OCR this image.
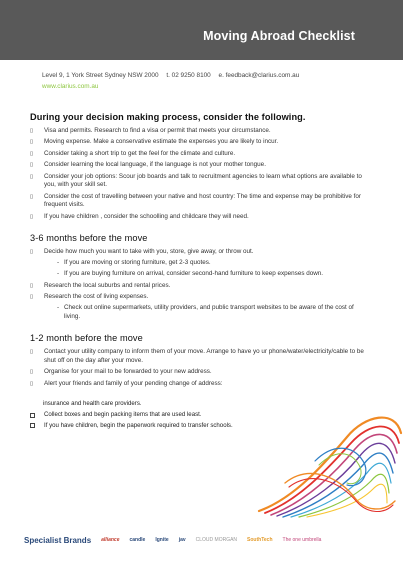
Moving Abroad Checklist
Level 9, 1 York Street Sydney NSW 2000 t. 02 9250 8100 e. feedback@clarius.com.au
www.clarius.com.au
During your decision making process, consider the following.
▯ Visa and permits. Research to find a visa or permit that meets your circumstance.
▯ Moving expense. Make a conservative estimate the expenses you are likely to incur.
▯ Consider taking a short trip to get the feel for the climate and culture.
▯ Consider learning the local language, if the language is not your mother tongue.
▯ Consider your job options: Scour job boards and talk to recruitment agencies to learn what options are available to you, with your skill set.
▯ Consider the cost of travelling between your native and host country: The time and expense may be prohibitive for frequent visits.
▯ If you have children , consider the schoolling and childcare they will need.
3-6 months before the move
▯ Decide how much you want to take with you, store, give away, or throw out.
- If you are moving or storing furniture, get 2-3 quotes.
- If you are buying furniture on arrival, consider second-hand furniture to keep expenses down.
▯ Research the local suburbs and rental prices.
▯ Research the cost of living expenses.
- Check out online supermarkets, utility providers, and public transport websites to be aware of the cost of living.
1-2 month before the move
▯ Contact your utility company to inform them of your move. Arrange to have yo ur phone/water/electricity/cable to be shut off on the day after your move.
▯ Organise for your mail to be forwarded to your new address.
▯ Alert your friends and family of your pending change of address:
insurance and health care providers.
Collect boxes and begin packing items that are used least.
If you have children, begin the paperwork required to transfer schools.
Specialist Brands alliance candle Ignite jav CLOUD MORGAN SouthTech The one umbrella
